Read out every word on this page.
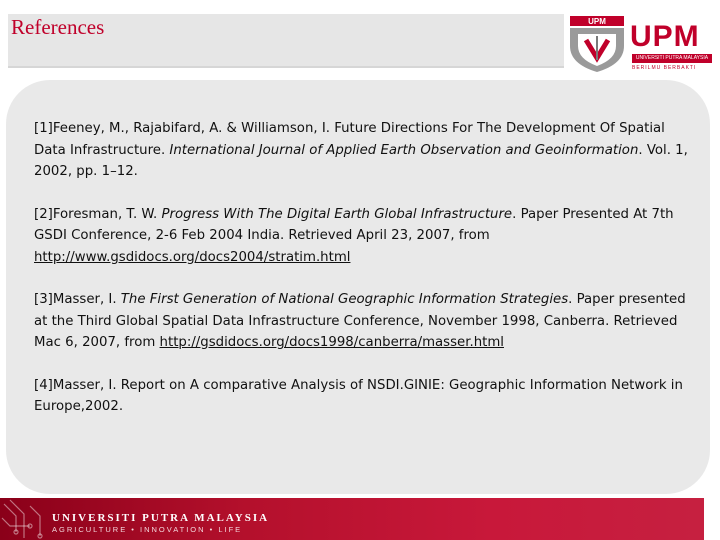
References	UPM UPM
UNIVERSITI PUTRA MALAYSIA
BERILMU BERBAKTI

[1]Feeney, M., Rajabifard, A. & Williamson, I. Future Directions For The Development Of Spatial Data Infrastructure. International Journal of Applied Earth Observation and Geoinformation. Vol. 1, 2002, pp. 1–12.

[2]Foresman, T. W. Progress With The Digital Earth Global Infrastructure. Paper Presented At 7th GSDI Conference, 2-6 Feb 2004 India. Retrieved April 23, 2007, from http://www.gsdidocs.org/docs2004/stratim.html

[3]Masser, I. The First Generation of National Geographic Information Strategies. Paper presented at the Third Global Spatial Data Infrastructure Conference, November 1998, Canberra. Retrieved Mac 6, 2007, from http://gsdidocs.org/docs1998/canberra/masser.html

[4]Masser, I. Report on A comparative Analysis of NSDI.GINIE: Geographic Information Network in Europe,2002.

UNIVERSITI PUTRA MALAYSIA
AGRICULTURE • INNOVATION • LIFE
